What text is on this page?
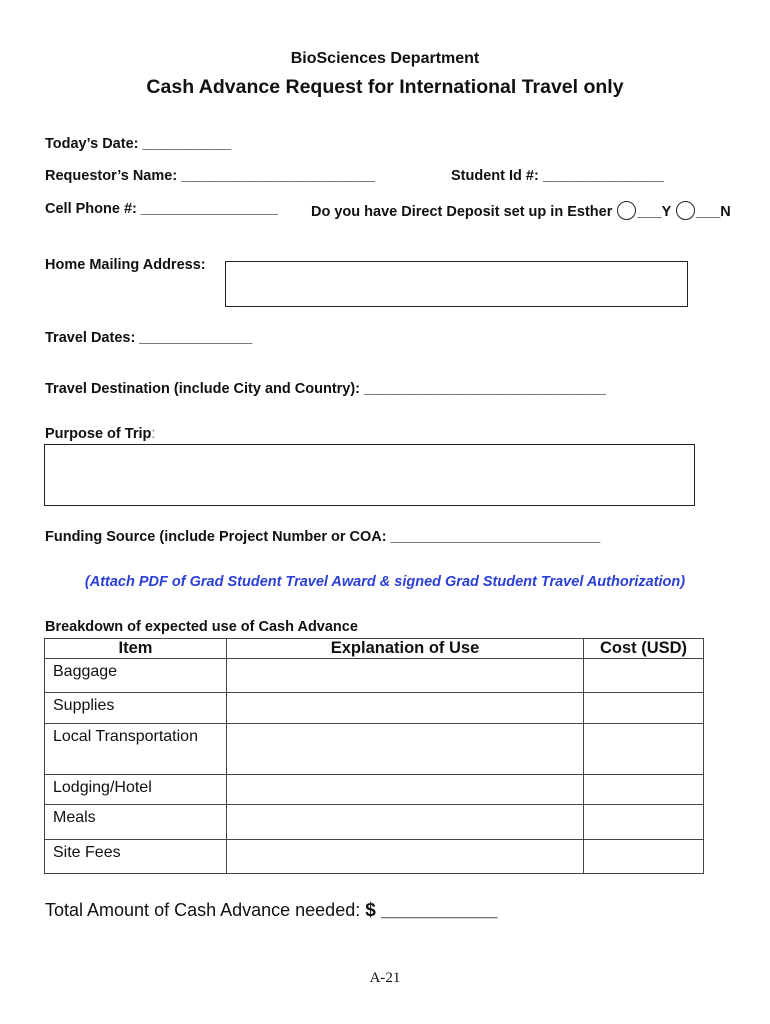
BioSciences Department
Cash Advance Request for International Travel only
Today’s Date: ___________
Requestor’s Name: ________________________	Student Id #: _______________
Cell Phone #: _________________ Do you have Direct Deposit set up in Esther ___Y ___N
Home Mailing Address:
Travel Dates: ______________
Travel Destination (include City and Country): ______________________________
Purpose of Trip:
Funding Source (include Project Number or COA: __________________________
(Attach PDF of Grad Student Travel Award & signed Grad Student Travel Authorization)
Breakdown of expected use of Cash Advance
Item	Explanation of Use	Cost (USD)
Baggage		
Supplies		
Local Transportation		
Lodging/Hotel		
Meals		
Site Fees		
Total Amount of Cash Advance needed: $ ___________
A-21
